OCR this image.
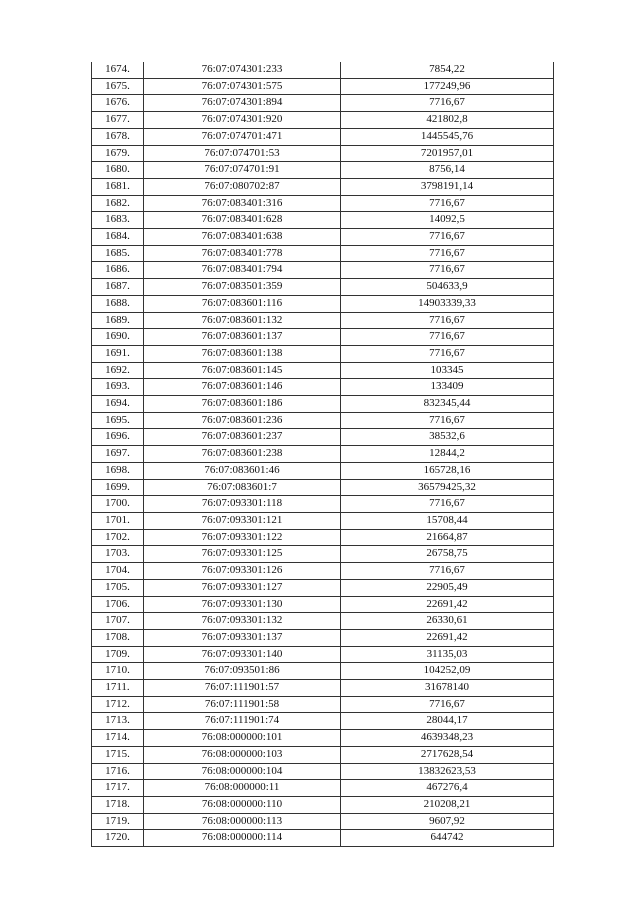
1674.	76:07:074301:233	7854,22
1675.	76:07:074301:575	177249,96
1676.	76:07:074301:894	7716,67
1677.	76:07:074301:920	421802,8
1678.	76:07:074701:471	1445545,76
1679.	76:07:074701:53	7201957,01
1680.	76:07:074701:91	8756,14
1681.	76:07:080702:87	3798191,14
1682.	76:07:083401:316	7716,67
1683.	76:07:083401:628	14092,5
1684.	76:07:083401:638	7716,67
1685.	76:07:083401:778	7716,67
1686.	76:07:083401:794	7716,67
1687.	76:07:083501:359	504633,9
1688.	76:07:083601:116	14903339,33
1689.	76:07:083601:132	7716,67
1690.	76:07:083601:137	7716,67
1691.	76:07:083601:138	7716,67
1692.	76:07:083601:145	103345
1693.	76:07:083601:146	133409
1694.	76:07:083601:186	832345,44
1695.	76:07:083601:236	7716,67
1696.	76:07:083601:237	38532,6
1697.	76:07:083601:238	12844,2
1698.	76:07:083601:46	165728,16
1699.	76:07:083601:7	36579425,32
1700.	76:07:093301:118	7716,67
1701.	76:07:093301:121	15708,44
1702.	76:07:093301:122	21664,87
1703.	76:07:093301:125	26758,75
1704.	76:07:093301:126	7716,67
1705.	76:07:093301:127	22905,49
1706.	76:07:093301:130	22691,42
1707.	76:07:093301:132	26330,61
1708.	76:07:093301:137	22691,42
1709.	76:07:093301:140	31135,03
1710.	76:07:093501:86	104252,09
1711.	76:07:111901:57	31678140
1712.	76:07:111901:58	7716,67
1713.	76:07:111901:74	28044,17
1714.	76:08:000000:101	4639348,23
1715.	76:08:000000:103	2717628,54
1716.	76:08:000000:104	13832623,53
1717.	76:08:000000:11	467276,4
1718.	76:08:000000:110	210208,21
1719.	76:08:000000:113	9607,92
1720.	76:08:000000:114	644742
